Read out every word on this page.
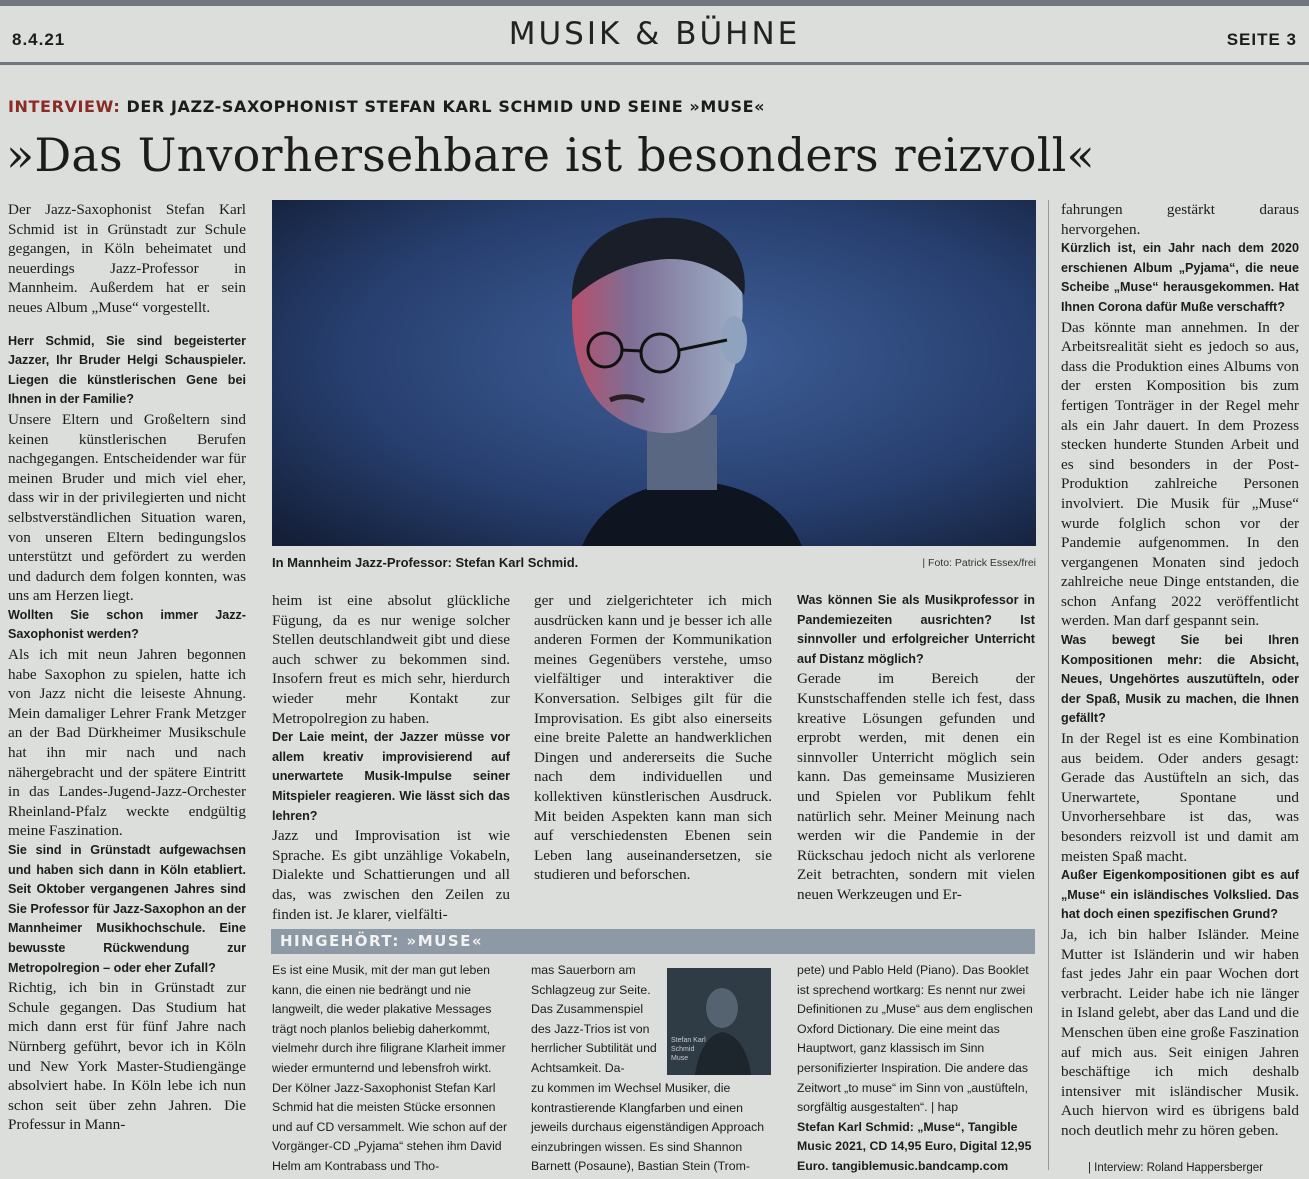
8.4.21	MUSIK & BÜHNE	SEITE 3
INTERVIEW: DER JAZZ-SAXOPHONIST STEFAN KARL SCHMID UND SEINE »MUSE«
»Das Unvorhersehbare ist besonders reizvoll«

Der Jazz-Saxophonist Stefan Karl Schmid ist in Grünstadt zur Schule gegangen, in Köln beheimatet und neuerdings Jazz-Professor in Mannheim. Außerdem hat er sein neues Album „Muse“ vorgestellt.

Herr Schmid, Sie sind begeisterter Jazzer, Ihr Bruder Helgi Schauspieler. Liegen die künstlerischen Gene bei Ihnen in der Familie?

Unsere Eltern und Großeltern sind keinen künstlerischen Berufen nachgegangen. Entscheidender war für meinen Bruder und mich viel eher, dass wir in der privilegierten und nicht selbstverständlichen Situation waren, von unseren Eltern bedingungslos unterstützt und gefördert zu werden und dadurch dem folgen konnten, was uns am Herzen liegt.

Wollten Sie schon immer Jazz-Saxophonist werden?

Als ich mit neun Jahren begonnen habe Saxophon zu spielen, hatte ich von Jazz nicht die leiseste Ahnung. Mein damaliger Lehrer Frank Metzger an der Bad Dürkheimer Musikschule hat ihn mir nach und nach nähergebracht und der spätere Eintritt in das Landes-Jugend-Jazz-Orchester Rheinland-Pfalz weckte endgültig meine Faszination.

Sie sind in Grünstadt aufgewachsen und haben sich dann in Köln etabliert. Seit Oktober vergangenen Jahres sind Sie Professor für Jazz-Saxophon an der Mannheimer Musikhochschule. Eine bewusste Rückwendung zur Metropolregion – oder eher Zufall?

Richtig, ich bin in Grünstadt zur Schule gegangen. Das Studium hat mich dann erst für fünf Jahre nach Nürnberg geführt, bevor ich in Köln und New York Master-Studiengänge absolviert habe. In Köln lebe ich nun schon seit über zehn Jahren. Die Professur in Mann-

In Mannheim Jazz-Professor: Stefan Karl Schmid.	| Foto: Patrick Essex/frei

heim ist eine absolut glückliche Fügung, da es nur wenige solcher Stellen deutschlandweit gibt und diese auch schwer zu bekommen sind. Insofern freut es mich sehr, hierdurch wieder mehr Kontakt zur Metropolregion zu haben.

Der Laie meint, der Jazzer müsse vor allem kreativ improvisierend auf unerwartete Musik-Impulse seiner Mitspieler reagieren. Wie lässt sich das lehren?

Jazz und Improvisation ist wie Sprache. Es gibt unzählige Vokabeln, Dialekte und Schattierungen und all das, was zwischen den Zeilen zu finden ist. Je klarer, vielfälti-

ger und zielgerichteter ich mich ausdrücken kann und je besser ich alle anderen Formen der Kommunikation meines Gegenübers verstehe, umso vielfältiger und interaktiver die Konversation. Selbiges gilt für die Improvisation. Es gibt also einerseits eine breite Palette an handwerklichen Dingen und andererseits die Suche nach dem individuellen und kollektiven künstlerischen Ausdruck. Mit beiden Aspekten kann man sich auf verschiedensten Ebenen sein Leben lang auseinandersetzen, sie studieren und beforschen.

Was können Sie als Musikprofessor in Pandemiezeiten ausrichten? Ist sinnvoller und erfolgreicher Unterricht auf Distanz möglich?

Gerade im Bereich der Kunstschaffenden stelle ich fest, dass kreative Lösungen gefunden und erprobt werden, mit denen ein sinnvoller Unterricht möglich sein kann. Das gemeinsame Musizieren und Spielen vor Publikum fehlt natürlich sehr. Meiner Meinung nach werden wir die Pandemie in der Rückschau jedoch nicht als verlorene Zeit betrachten, sondern mit vielen neuen Werkzeugen und Er-

fahrungen gestärkt daraus hervorgehen.

Kürzlich ist, ein Jahr nach dem 2020 erschienen Album „Pyjama“, die neue Scheibe „Muse“ herausgekommen. Hat Ihnen Corona dafür Muße verschafft?

Das könnte man annehmen. In der Arbeitsrealität sieht es jedoch so aus, dass die Produktion eines Albums von der ersten Komposition bis zum fertigen Tonträger in der Regel mehr als ein Jahr dauert. In dem Prozess stecken hunderte Stunden Arbeit und es sind besonders in der Post-Produktion zahlreiche Personen involviert. Die Musik für „Muse“ wurde folglich schon vor der Pandemie aufgenommen. In den vergangenen Monaten sind jedoch zahlreiche neue Dinge entstanden, die schon Anfang 2022 veröffentlicht werden. Man darf gespannt sein.

Was bewegt Sie bei Ihren Kompositionen mehr: die Absicht, Neues, Ungehörtes auszutüfteln, oder der Spaß, Musik zu machen, die Ihnen gefällt?

In der Regel ist es eine Kombination aus beidem. Oder anders gesagt: Gerade das Austüfteln an sich, das Unerwartete, Spontane und Unvorhersehbare ist das, was besonders reizvoll ist und damit am meisten Spaß macht.

Außer Eigenkompositionen gibt es auf „Muse“ ein isländisches Volkslied. Das hat doch einen spezifischen Grund?

Ja, ich bin halber Isländer. Meine Mutter ist Isländerin und wir haben fast jedes Jahr ein paar Wochen dort verbracht. Leider habe ich nie länger in Island gelebt, aber das Land und die Menschen üben eine große Faszination auf mich aus. Seit einigen Jahren beschäftige ich mich deshalb intensiver mit isländischer Musik. Auch hiervon wird es übrigens bald noch deutlich mehr zu hören geben.

| Interview: Roland Happersberger
HINGEHÖRT: »MUSE«

Es ist eine Musik, mit der man gut leben kann, die einen nie bedrängt und nie langweilt, die weder plakative Messages trägt noch planlos beliebig daherkommt, vielmehr durch ihre filigrane Klarheit immer wieder ermunternd und lebensfroh wirkt. Der Kölner Jazz-Saxophonist Stefan Karl Schmid hat die meisten Stücke ersonnen und auf CD versammelt. Wie schon auf der Vorgänger-CD „Pyjama“ stehen ihm David Helm am Kontrabass und Tho-

mas Sauerborn am Schlagzeug zur Seite. Das Zusammenspiel des Jazz-Trios ist von herrlicher Subtilität und Achtsamkeit. Da-

Stefan Karl Schmid Muse

zu kommen im Wechsel Musiker, die kontrastierende Klangfarben und einen jeweils durchaus eigenständigen Approach einzubringen wissen. Es sind Shannon Barnett (Posaune), Bastian Stein (Trom-

pete) und Pablo Held (Piano). Das Booklet ist sprechend wortkarg: Es nennt nur zwei Definitionen zu „Muse“ aus dem englischen Oxford Dictionary. Die eine meint das Hauptwort, ganz klassisch im Sinn personifizierter Inspiration. Die andere das Zeitwort „to muse“ im Sinn von „austüfteln, sorgfältig ausgestalten“. | hap

Stefan Karl Schmid: „Muse“, Tangible Music 2021, CD 14,95 Euro, Digital 12,95 Euro. tangiblemusic.bandcamp.com
